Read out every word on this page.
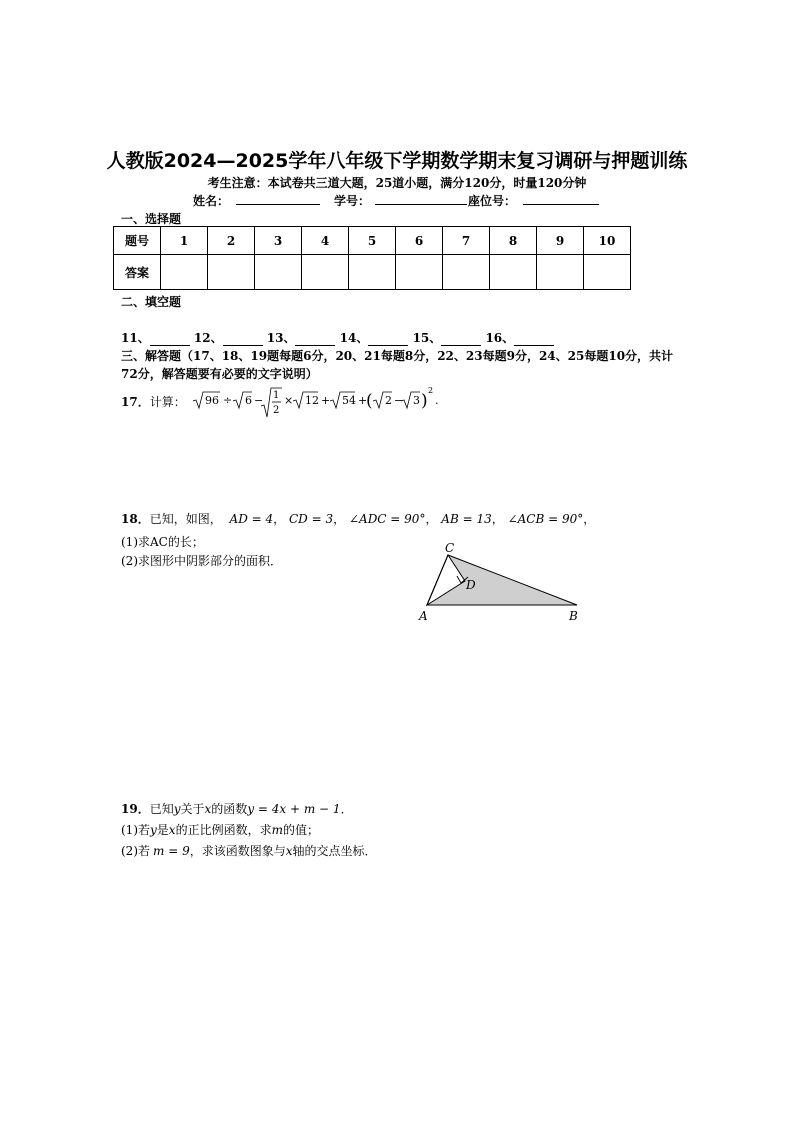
人教版2024—2025学年八年级下学期数学期末复习调研与押题训练
考生注意：本试卷共三道大题，25道小题，满分120分，时量120分钟
姓名：	学号：	座位号：
一、选择题
题号	1	2	3	4	5	6	7	8	9	10
答案										
二、填空题
11、	12、	13、	14、	15、	16、
三、解答题（17、18、19题每题6分，20、21每题8分，22、23每题9分，24、25每题10分，共计72分，解答题要有必要的文字说明）
17．计算： 96 ÷ 6 − 1
2
× 12 + 54 +
( 2 − 3 )
2
.
18．已知，如图， AD = 4， CD = 3， ∠ADC = 90°， AB = 13， ∠ACB = 90°，
(1)求AC的长；
(2)求图形中阴影部分的面积．
C
D
A	B
19．已知y关于x的函数y = 4x + m − 1．
(1)若y是x的正比例函数，求m的值；
(2)若 m = 9，求该函数图象与x轴的交点坐标．
